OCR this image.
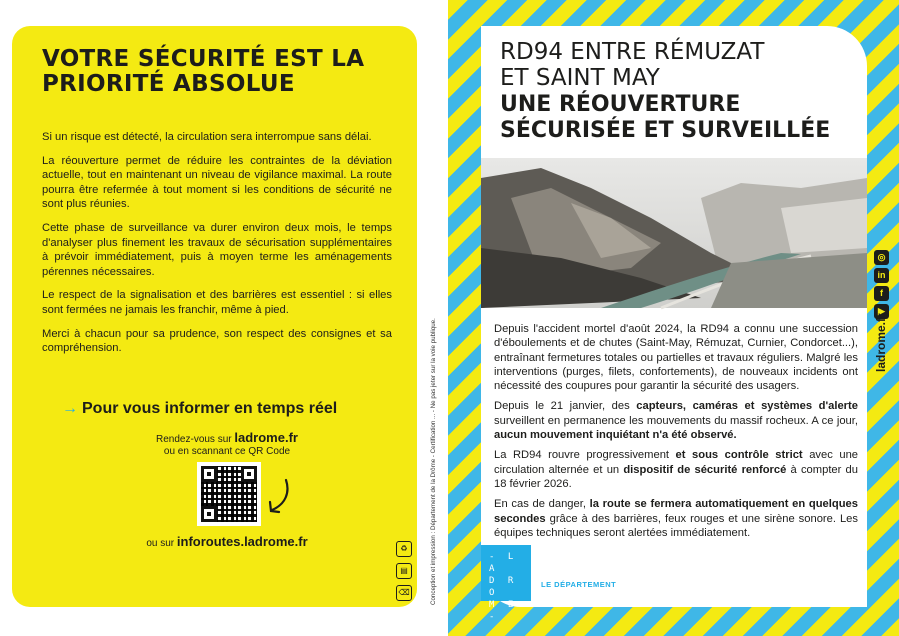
VOTRE SÉCURITÉ EST LA PRIORITÉ ABSOLUE

Si un risque est détecté, la circulation sera interrompue sans délai.

La réouverture permet de réduire les contraintes de la déviation actuelle, tout en maintenant un niveau de vigilance maximal. La route pourra être refermée à tout moment si les conditions de sécurité ne sont plus réunies.

Cette phase de surveillance va durer environ deux mois, le temps d'analyser plus finement les travaux de sécurisation supplémentaires à prévoir immédiatement, puis à moyen terme les aménagements pérennes nécessaires.

Le respect de la signalisation et des barrières est essentiel : si elles sont fermées ne jamais les franchir, même à pied.

Merci à chacun pour sa prudence, son respect des consignes et sa compréhension.

→ Pour vous informer en temps réel
Rendez-vous sur ladrome.fr
ou en scannant ce QR Code
ou sur inforoutes.ladrome.fr	♻
▤
⌫	Conception et impression : Département de la Drôme - Certification ... - Ne pas jeter sur la voie publique.
RD94 ENTRE RÉMUZAT
ET SAINT MAY
UNE RÉOUVERTURE
SÉCURISÉE ET SURVEILLÉE

Depuis l'accident mortel d'août 2024, la RD94 a connu une succession d'éboulements et de chutes (Saint-May, Rémuzat, Curnier, Condorcet...), entraînant fermetures totales ou partielles et travaux réguliers. Malgré les interventions (purges, filets, confortements), de nouveaux incidents ont nécessité des coupures pour garantir la sécurité des usagers.

Depuis le 21 janvier, des capteurs, caméras et systèmes d'alerte surveillent en permanence les mouvements du massif rocheux. A ce jour, aucun mouvement inquiétant n'a été observé.

La RD94 rouvre progressivement et sous contrôle strict avec une circulation alternée et un dispositif de sécurité renforcé à compter du 18 février 2026.

En cas de danger, la route se fermera automatiquement en quelques secondes grâce à des barrières, feux rouges et une sirène sonore. Les équipes techniques seront alertées immédiatement.

- L A
D R O
M E -
LE DÉPARTEMENT
◎
in
f
▶
ladrome.fr
